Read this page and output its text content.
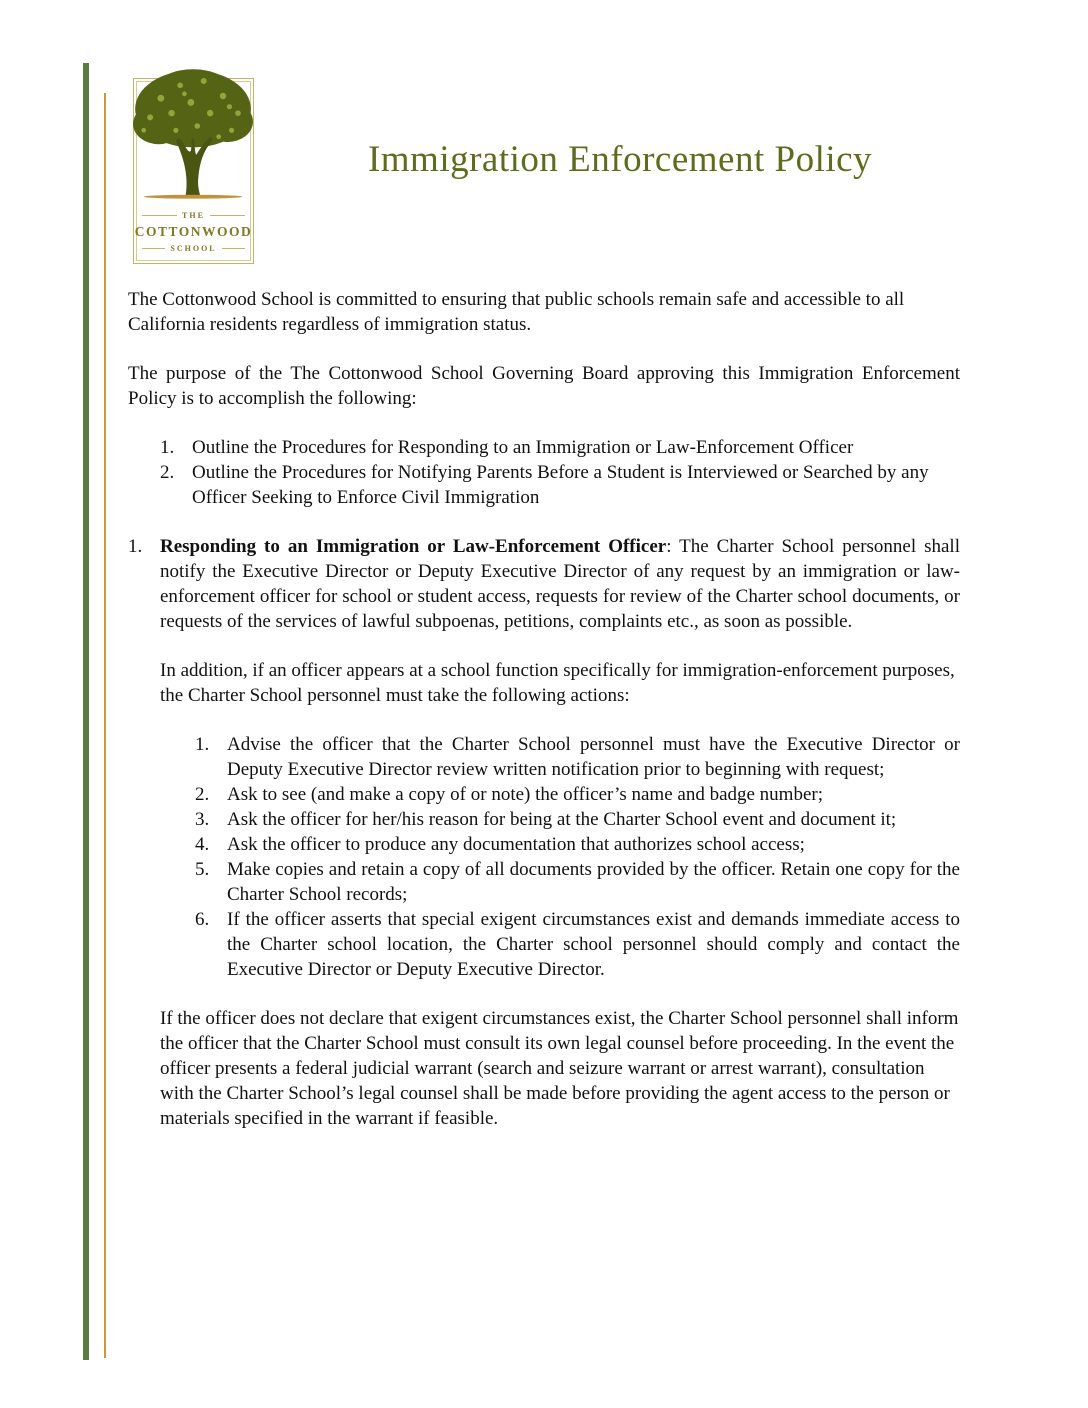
THE
COTTONWOOD
SCHOOL
Immigration Enforcement Policy

The Cottonwood School is committed to ensuring that public schools remain safe and accessible to all California residents regardless of immigration status.

The purpose of the The Cottonwood School Governing Board approving this Immigration Enforcement Policy is to accomplish the following:

1. Outline the Procedures for Responding to an Immigration or Law-Enforcement Officer
2. Outline the Procedures for Notifying Parents Before a Student is Interviewed or Searched by any Officer Seeking to Enforce Civil Immigration
1. Responding to an Immigration or Law-Enforcement Officer: The Charter School personnel shall notify the Executive Director or Deputy Executive Director of any request by an immigration or law-enforcement officer for school or student access, requests for review of the Charter school documents, or requests of the services of lawful subpoenas, petitions, complaints etc., as soon as possible.

In addition, if an officer appears at a school function specifically for immigration-enforcement purposes, the Charter School personnel must take the following actions:

1. Advise the officer that the Charter School personnel must have the Executive Director or Deputy Executive Director review written notification prior to beginning with request;
2. Ask to see (and make a copy of or note) the officer’s name and badge number;
3. Ask the officer for her/his reason for being at the Charter School event and document it;
4. Ask the officer to produce any documentation that authorizes school access;
5. Make copies and retain a copy of all documents provided by the officer. Retain one copy for the Charter School records;
6. If the officer asserts that special exigent circumstances exist and demands immediate access to the Charter school location, the Charter school personnel should comply and contact the Executive Director or Deputy Executive Director.

If the officer does not declare that exigent circumstances exist, the Charter School personnel shall inform the officer that the Charter School must consult its own legal counsel before proceeding. In the event the officer presents a federal judicial warrant (search and seizure warrant or arrest warrant), consultation with the Charter School’s legal counsel shall be made before providing the agent access to the person or materials specified in the warrant if feasible.
